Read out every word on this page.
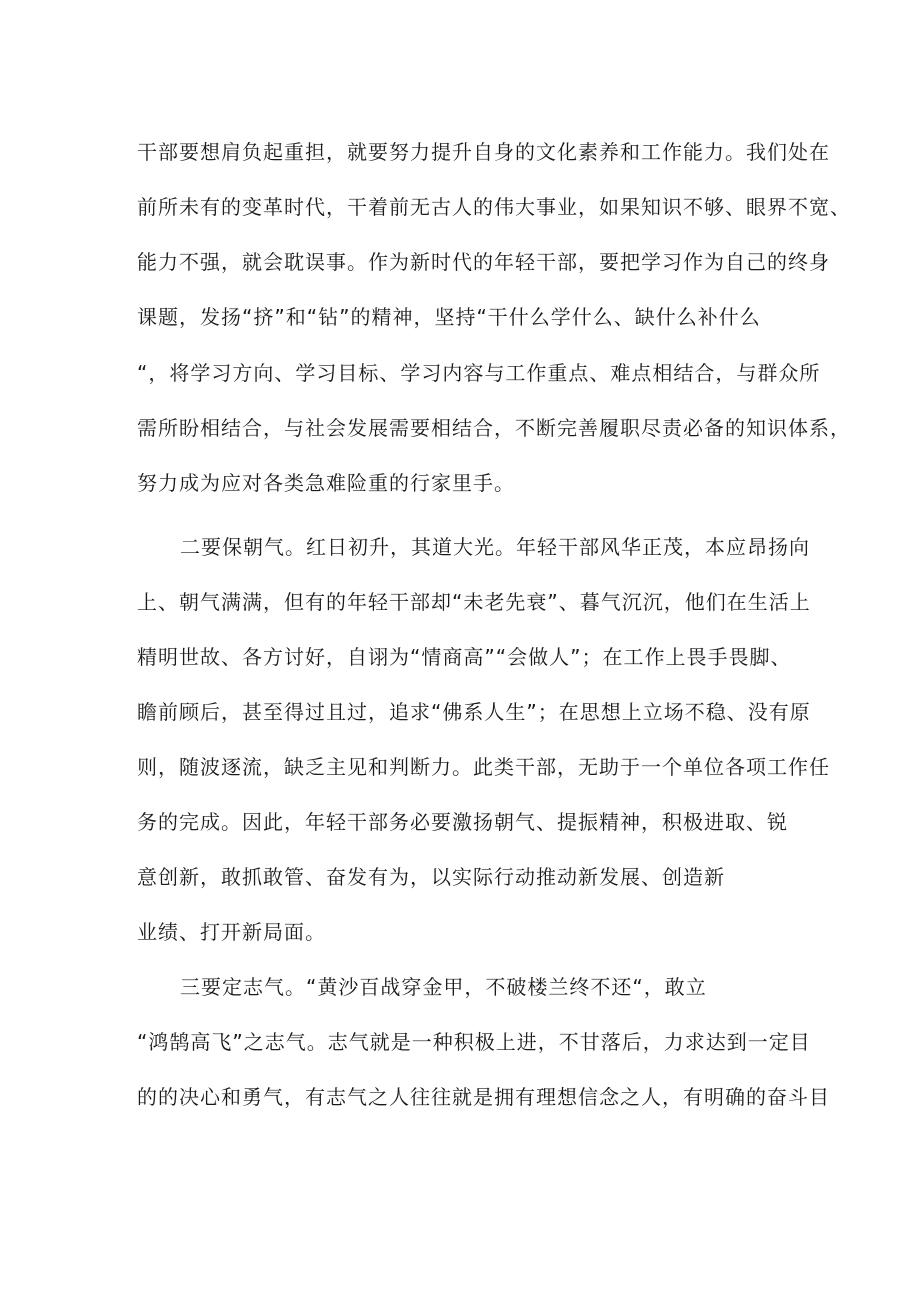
干部要想肩负起重担，就要努力提升自身的文化素养和工作能力。我们处在
前所未有的变革时代，干着前无古人的伟大事业，如果知识不够、眼界不宽、
能力不强，就会耽误事。作为新时代的年轻干部，要把学习作为自己的终身
课题，发扬“挤”和“钻”的精神，坚持“干什么学什么、缺什么补什么
“，将学习方向、学习目标、学习内容与工作重点、难点相结合，与群众所
需所盼相结合，与社会发展需要相结合，不断完善履职尽责必备的知识体系，
努力成为应对各类急难险重的行家里手。
二要保朝气。红日初升，其道大光。年轻干部风华正茂，本应昂扬向
上、朝气满满，但有的年轻干部却“未老先衰”、暮气沉沉，他们在生活上
精明世故、各方讨好，自诩为“情商高”“会做人”；在工作上畏手畏脚、
瞻前顾后，甚至得过且过，追求“佛系人生”；在思想上立场不稳、没有原
则，随波逐流，缺乏主见和判断力。此类干部，无助于一个单位各项工作任
务的完成。因此，年轻干部务必要激扬朝气、提振精神，积极进取、锐
意创新，敢抓敢管、奋发有为，以实际行动推动新发展、创造新
业绩、打开新局面。
三要定志气。“黄沙百战穿金甲，不破楼兰终不还“，敢立
“鸿鹄高飞”之志气。志气就是一种积极上进，不甘落后，力求达到一定目
的的决心和勇气，有志气之人往往就是拥有理想信念之人，有明确的奋斗目
